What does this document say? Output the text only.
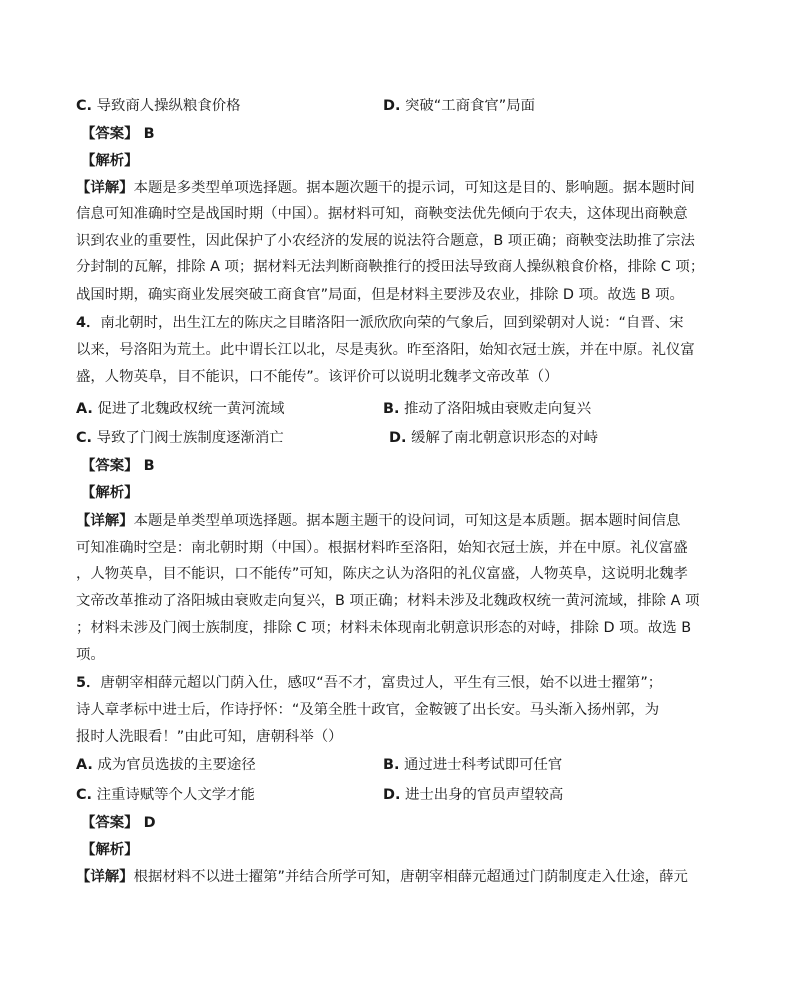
C. 导致商人操纵粮食价格	D. 突破“工商食官”局面
【答案】 B
【解析】
【详解】本题是多类型单项选择题。据本题次题干的提示词，可知这是目的、影响题。据本题时间
信息可知准确时空是战国时期（中国）。据材料可知，商鞅变法优先倾向于农夫，这体现出商鞅意
识到农业的重要性，因此保护了小农经济的发展的说法符合题意，B 项正确；商鞅变法助推了宗法
分封制的瓦解，排除 A 项；据材料无法判断商鞅推行的授田法导致商人操纵粮食价格，排除 C 项；
战国时期，确实商业发展突破工商食官”局面，但是材料主要涉及农业，排除 D 项。故选 B 项。
4．南北朝时，出生江左的陈庆之目睹洛阳一派欣欣向荣的气象后，回到梁朝对人说：“自晋、宋
以来，号洛阳为荒土。此中谓长江以北，尽是夷狄。昨至洛阳，始知衣冠士族，并在中原。礼仪富
盛，人物英阜，目不能识，口不能传”。该评价可以说明北魏孝文帝改革（）
A. 促进了北魏政权统一黄河流域	B. 推动了洛阳城由衰败走向复兴
C. 导致了门阀士族制度逐渐消亡	D. 缓解了南北朝意识形态的对峙
【答案】 B
【解析】
【详解】本题是单类型单项选择题。据本题主题干的设问词，可知这是本质题。据本题时间信息
可知准确时空是：南北朝时期（中国）。根据材料昨至洛阳，始知衣冠士族，并在中原。礼仪富盛
，人物英阜，目不能识，口不能传”可知，陈庆之认为洛阳的礼仪富盛，人物英阜，这说明北魏孝
文帝改革推动了洛阳城由衰败走向复兴，B 项正确；材料未涉及北魏政权统一黄河流域，排除 A 项
；材料未涉及门阀士族制度，排除 C 项；材料未体现南北朝意识形态的对峙，排除 D 项。故选 B
项。
5．唐朝宰相薛元超以门荫入仕，感叹“吾不才，富贵过人，平生有三恨，始不以进士擢第”；
诗人章孝标中进士后，作诗抒怀：“及第全胜十政官，金鞍镀了出长安。马头渐入扬州郭，为
报时人洗眼看！”由此可知，唐朝科举（）
A. 成为官员选拔的主要途径	B. 通过进士科考试即可任官
C. 注重诗赋等个人文学才能	D. 进士出身的官员声望较高
【答案】 D
【解析】
【详解】根据材料不以进士擢第”并结合所学可知，唐朝宰相薛元超通过门荫制度走入仕途，薛元
